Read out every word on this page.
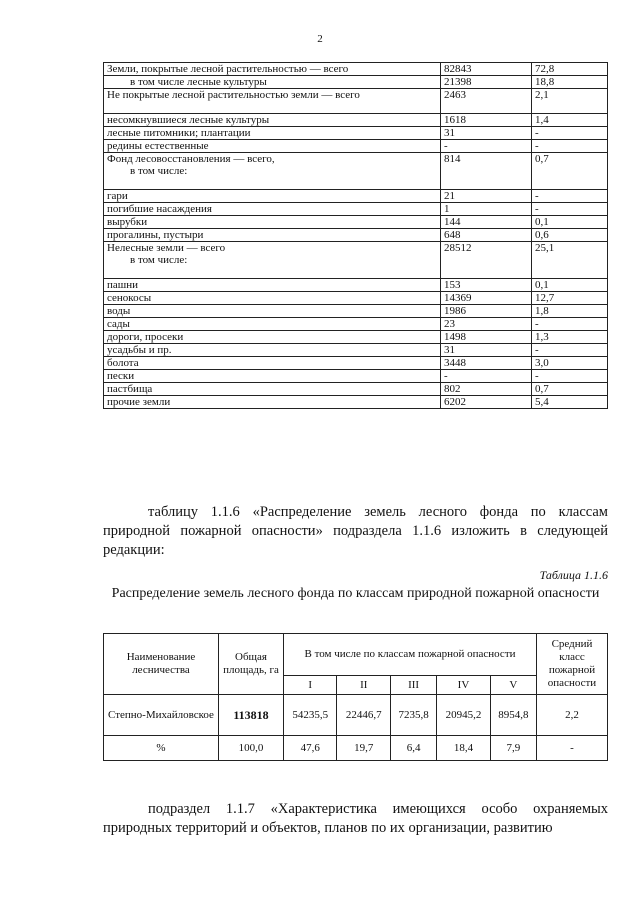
2
Земли, покрытые лесной растительностью — всего	82843	72,8

в том числе лесные культуры	21398	18,8
Не покрытые лесной растительностью земли — всего	2463	2,1
несомкнувшиеся лесные культуры	1618	1,4
лесные питомники; плантации	31	-
редины естественные	-	-

Фонд лесовосстановления — всего,
в том числе:	814	0,7
гари	21	-
погибшие насаждения	1	-
вырубки	144	0,1
прогалины, пустыри	648	0,6

Нелесные земли — всего
в том числе:	28512	25,1
пашни	153	0,1
сенокосы	14369	12,7
воды	1986	1,8
сады	23	-
дороги, просеки	1498	1,3
усадьбы и пр.	31	-
болота	3448	3,0
пески	-	-
пастбища	802	0,7
прочие земли	6202	5,4

таблицу 1.1.6 «Распределение земель лесного фонда по классам природной пожарной опасности» подраздела 1.1.6 изложить в следующей редакции:

Таблица 1.1.6
Распределение земель лесного фонда по классам природной пожарной опасности
Наименование лесничества	Общая площадь, га	В том числе по классам пожарной опасности					Средний класс пожарной опасности
		I	II	III	IV	V	
Степно-Михайловское	113818	54235,5	22446,7	7235,8	20945,2	8954,8	2,2
%	100,0	47,6	19,7	6,4	18,4	7,9	-

подраздел 1.1.7 «Характеристика имеющихся особо охраняемых природных территорий и объектов, планов по их организации, развитию
